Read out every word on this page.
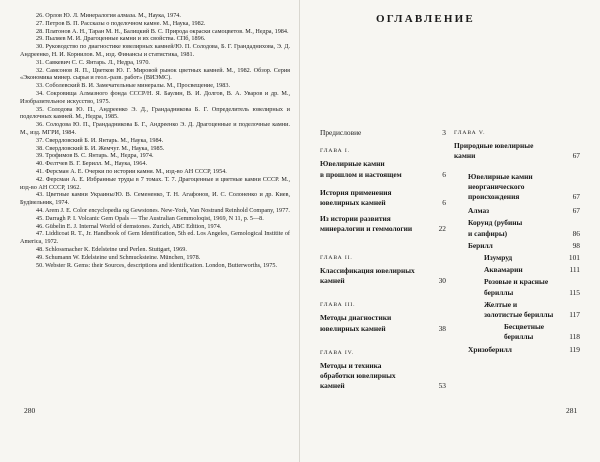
26. Орлов Ю. Л. Минералогия алмаза. М., Наука, 1974.

27. Петров В. П. Рассказы о поделочном камне. М., Наука, 1982.

28. Платонов А. Н., Таран М. Н., Балицкий В. С. Природа окраски самоцветов. М., Недра, 1984.

29. Пыляев М. И. Драгоценные камни и их свойства. СПб, 1896.

30. Руководство по диагностике ювелирных камней/Ю. П. Солодова, Б. Г. Грандаднихова, Э. Д. Андреенко, Н. И. Корнилов. М., изд. Финансы и статистика, 1981.

31. Савкевич С. С. Янтарь. Л., Недра, 1970.

32. Самсонов Я. П., Цветков Ю. Г. Мировой рынок цветных камней. М., 1982. Обзор. Серия «Экономика минер. сырья и геол.-разв. работ» (ВИЭМС).

33. Соболевский В. И. Замечательные минералы. М., Просвещение, 1983.

34. Сокровища Алмазного фонда СССР/Н. Я. Баулин, В. И. Долгов, В. А. Уваров и др. М., Изобразительное искусство, 1975.

35. Солодова Ю. П., Андреенко Э. Д., Грандадникова Б. Г. Определитель ювелирных и поделочных камней. М., Недра, 1985.

36. Солодова Ю. П., Грандадникова Б. Г., Андреенко Э. Д. Драгоценные и поделочные камни. М., изд. МГРИ, 1984.

37. Свердловский Б. И. Янтарь. М., Наука, 1984.

38. Свердловский Б. И. Жемчуг. М., Наука, 1985.

39. Трофимов В. С. Янтарь. М., Недра, 1974.

40. Фелтчев В. Г. Берилл. М., Наука, 1964.

41. Ферсман А. Е. Очерки по истории камня. М., изд-во АН СССР, 1954.

42. Ферсман А. Е. Избранные труды в 7 томах. Т. 7. Драгоценные и цветные камни СССР. М., изд-во АН СССР, 1962.

43. Цветные камни Украины/Ю. В. Семененко, Т. Н. Агафонов, И. С. Солоненко и др. Киев, Будівельник, 1974.

44. Arem J. E. Color encyclopedia og Gewstones. New-York, Van Nostrand Reinhold Company, 1977.

45. Darragh P. I. Volcanic Gem Opals — The Australian Gemmoloqist, 1969, N 11, p. 5—8.

46. Gübelin E. J. Internal World of demstones. Zurich, ABC Edition, 1974.

47. Liddicoat R. T., Jr. Handbook of Gem Identification, 5th ed. Los Angeles, Gemological Institite of America, 1972.

48. Schlossmacher K. Edelsteine und Perlen. Stuttgart, 1969.

49. Schumann W. Edelsteine und Schmucksteine. München, 1978.

50. Webster R. Gems: their Sources, descriptions and identification. London, Butterworths, 1975.

280
ОГЛАВЛЕНИЕ
Предисловие	3
ГЛАВА I.
Ювелирные камни
в прошлом и настоящем	6
История применения
ювелирных камней	6
Из истории развития
минералогии и геммологии	22
ГЛАВА II.
Классификация ювелирных камней	30
ГЛАВА III.
Методы диагностики
ювелирных камней	38
ГЛАВА IV.
Методы и техника
обработки ювелирных камней	53
ГЛАВА V.
Природные ювелирные камни	67
Ювелирные камни неорганического
происхождения	67
Алмаз	67
Корунд (рубины
и сапфиры)	86
Берилл	98
Изумруд	101
Аквамарин	111
Розовые и красные
бериллы	115
Желтые и золотистые бериллы	117
Бесцветные
бериллы	118
Хризоберилл	119
281
